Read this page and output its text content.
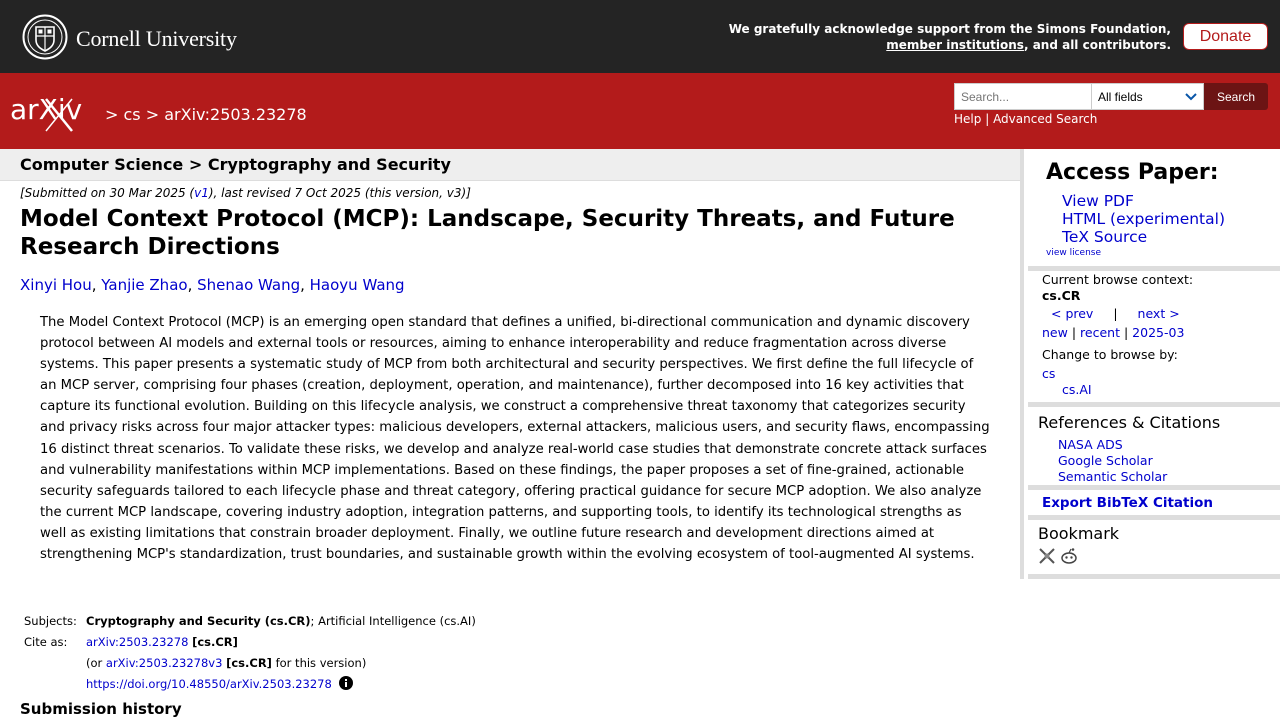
Cornell University	We gratefully acknowledge support from the Simons Foundation,
member institutions, and all contributors.	Donate
arXiv > cs > arXiv:2503.23278
Search...
All fields	Search
Help | Advanced Search
Computer Science > Cryptography and Security
[Submitted on 30 Mar 2025 (v1), last revised 7 Oct 2025 (this version, v3)]
Model Context Protocol (MCP): Landscape, Security Threats, and Future Research Directions
Xinyi Hou, Yanjie Zhao, Shenao Wang, Haoyu Wang

The Model Context Protocol (MCP) is an emerging open standard that defines a unified, bi-directional communication and dynamic discovery protocol between AI models and external tools or resources, aiming to enhance interoperability and reduce fragmentation across diverse systems. This paper presents a systematic study of MCP from both architectural and security perspectives. We first define the full lifecycle of an MCP server, comprising four phases (creation, deployment, operation, and maintenance), further decomposed into 16 key activities that capture its functional evolution. Building on this lifecycle analysis, we construct a comprehensive threat taxonomy that categorizes security and privacy risks across four major attacker types: malicious developers, external attackers, malicious users, and security flaws, encompassing 16 distinct threat scenarios. To validate these risks, we develop and analyze real-world case studies that demonstrate concrete attack surfaces and vulnerability manifestations within MCP implementations. Based on these findings, the paper proposes a set of fine-grained, actionable security safeguards tailored to each lifecycle phase and threat category, offering practical guidance for secure MCP adoption. We also analyze the current MCP landscape, covering industry adoption, integration patterns, and supporting tools, to identify its technological strengths as well as existing limitations that constrain broader deployment. Finally, we outline future research and development directions aimed at strengthening MCP's standardization, trust boundaries, and sustainable growth within the evolving ecosystem of tool-augmented AI systems.

Subjects:	Cryptography and Security (cs.CR); Artificial Intelligence (cs.AI)
Cite as:	arXiv:2503.23278 [cs.CR]
	(or arXiv:2503.23278v3 [cs.CR] for this version)
	https://doi.org/10.48550/arXiv.2503.23278
Submission history
Access Paper:
View PDF
HTML (experimental)
TeX Source
view license
Current browse context:
cs.CR
< prev | next >
new | recent | 2025-03
Change to browse by:
cs
cs.AI
References & Citations
NASA ADS
Google Scholar
Semantic Scholar
Export BibTeX Citation
Bookmark
